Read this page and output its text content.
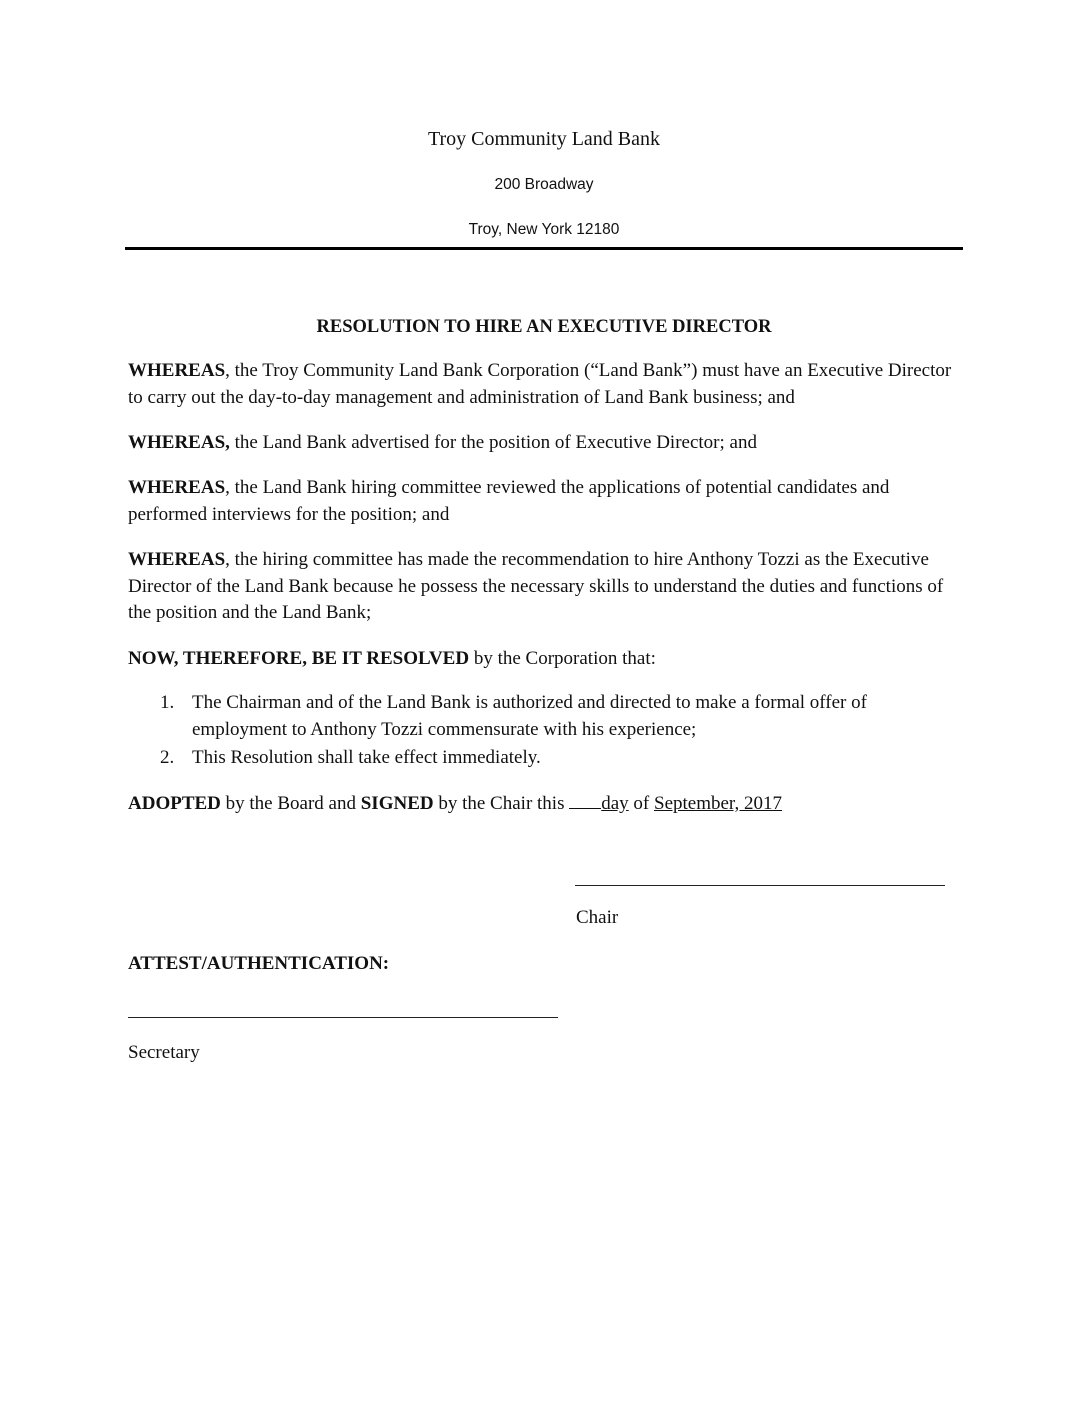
Troy Community Land Bank
200 Broadway
Troy, New York 12180
RESOLUTION TO HIRE AN EXECUTIVE DIRECTOR
WHEREAS, the Troy Community Land Bank Corporation (“Land Bank”) must have an Executive Director to carry out the day-to-day management and administration of Land Bank business; and
WHEREAS, the Land Bank advertised for the position of Executive Director; and
WHEREAS, the Land Bank hiring committee reviewed the applications of potential candidates and performed interviews for the position; and
WHEREAS, the hiring committee has made the recommendation to hire Anthony Tozzi as the Executive Director of the Land Bank because he possess the necessary skills to understand the duties and functions of the position and the Land Bank;
NOW, THEREFORE, BE IT RESOLVED by the Corporation that:
1. The Chairman and of the Land Bank is authorized and directed to make a formal offer of employment to Anthony Tozzi commensurate with his experience;
2. This Resolution shall take effect immediately.
ADOPTED by the Board and SIGNED by the Chair this day of September, 2017
Chair
ATTEST/AUTHENTICATION:
Secretary
